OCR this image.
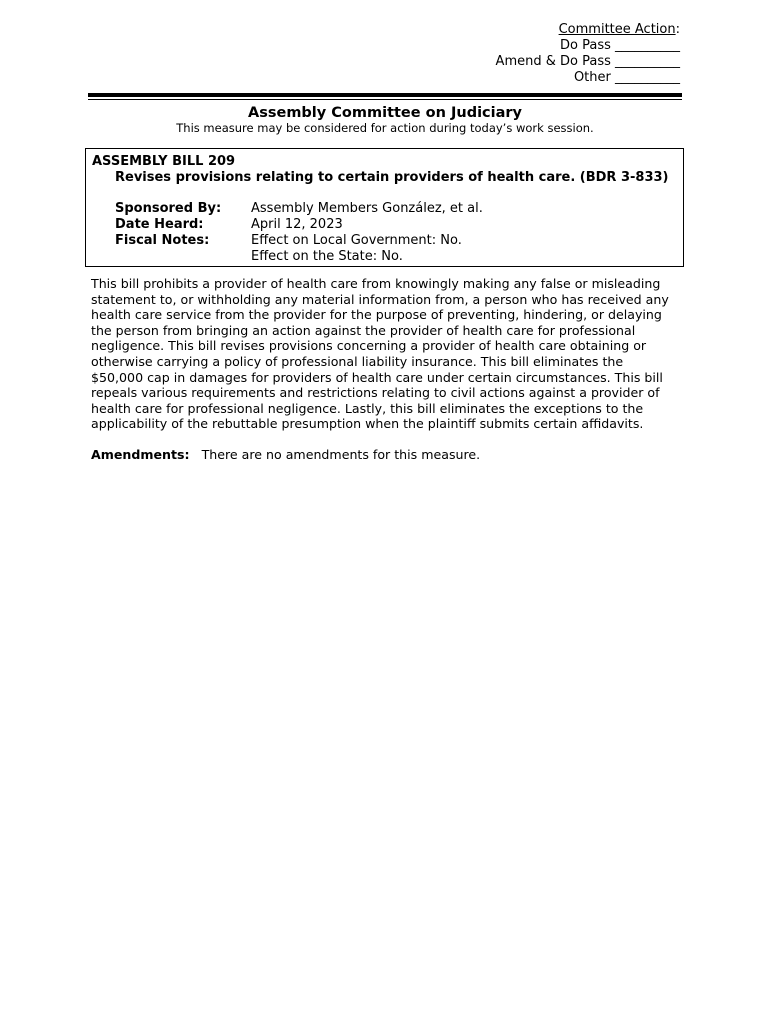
Committee Action:
Do Pass __________
Amend & Do Pass __________
Other __________
Assembly Committee on Judiciary
This measure may be considered for action during today’s work session.
ASSEMBLY BILL 209
Revises provisions relating to certain providers of health care. (BDR 3-833)
Sponsored By: Assembly Members González, et al.
Date Heard:	April 12, 2023
Fiscal Notes:	Effect on Local Government: No.
Effect on the State: No.
This bill prohibits a provider of health care from knowingly making any false or misleading
statement to, or withholding any material information from, a person who has received any
health care service from the provider for the purpose of preventing, hindering, or delaying
the person from bringing an action against the provider of health care for professional
negligence. This bill revises provisions concerning a provider of health care obtaining or
otherwise carrying a policy of professional liability insurance. This bill eliminates the
$50,000 cap in damages for providers of health care under certain circumstances. This bill
repeals various requirements and restrictions relating to civil actions against a provider of
health care for professional negligence. Lastly, this bill eliminates the exceptions to the
applicability of the rebuttable presumption when the plaintiff submits certain affidavits.
Amendments: There are no amendments for this measure.
